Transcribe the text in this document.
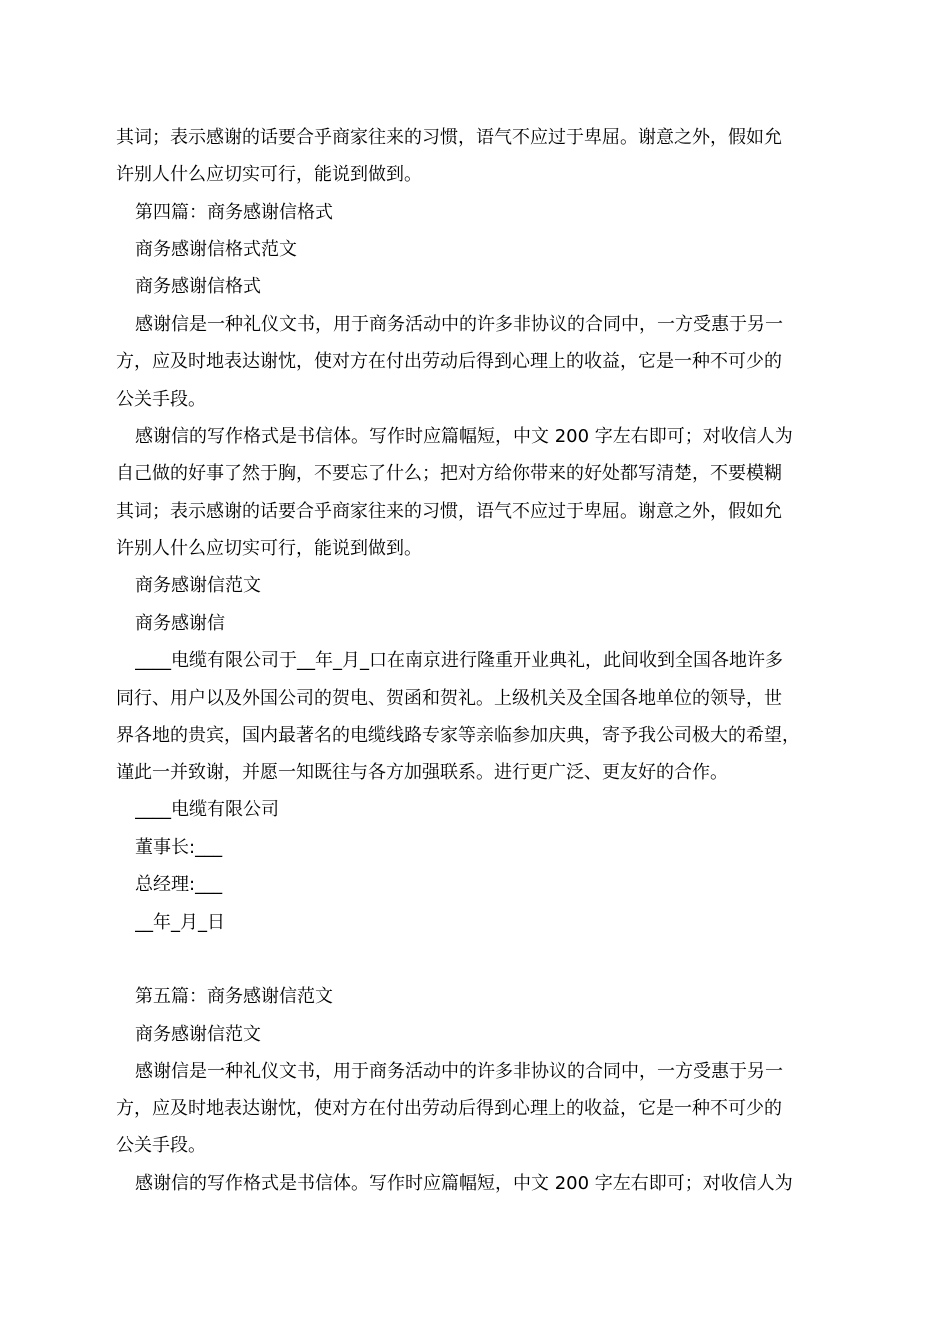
其词；表示感谢的话要合乎商家往来的习惯，语气不应过于卑屈。谢意之外，假如允
许别人什么应切实可行，能说到做到。
第四篇：商务感谢信格式
商务感谢信格式范文
商务感谢信格式
感谢信是一种礼仪文书，用于商务活动中的许多非协议的合同中，一方受惠于另一
方，应及时地表达谢忱，使对方在付出劳动后得到心理上的收益，它是一种不可少的
公关手段。
感谢信的写作格式是书信体。写作时应篇幅短，中文 200 字左右即可；对收信人为
自己做的好事了然于胸，不要忘了什么；把对方给你带来的好处都写清楚，不要模糊
其词；表示感谢的话要合乎商家往来的习惯，语气不应过于卑屈。谢意之外，假如允
许别人什么应切实可行，能说到做到。
商务感谢信范文
商务感谢信
____电缆有限公司于__年_月_口在南京进行隆重开业典礼，此间收到全国各地许多
同行、用户以及外国公司的贺电、贺函和贺礼。上级机关及全国各地单位的领导，世
界各地的贵宾，国内最著名的电缆线路专家等亲临参加庆典，寄予我公司极大的希望，
谨此一并致谢，并愿一知既往与各方加强联系。进行更广泛、更友好的合作。
____电缆有限公司
董事长:___
总经理:___
__年_月_日
第五篇：商务感谢信范文
商务感谢信范文
感谢信是一种礼仪文书，用于商务活动中的许多非协议的合同中，一方受惠于另一
方，应及时地表达谢忱，使对方在付出劳动后得到心理上的收益，它是一种不可少的
公关手段。
感谢信的写作格式是书信体。写作时应篇幅短，中文 200 字左右即可；对收信人为
